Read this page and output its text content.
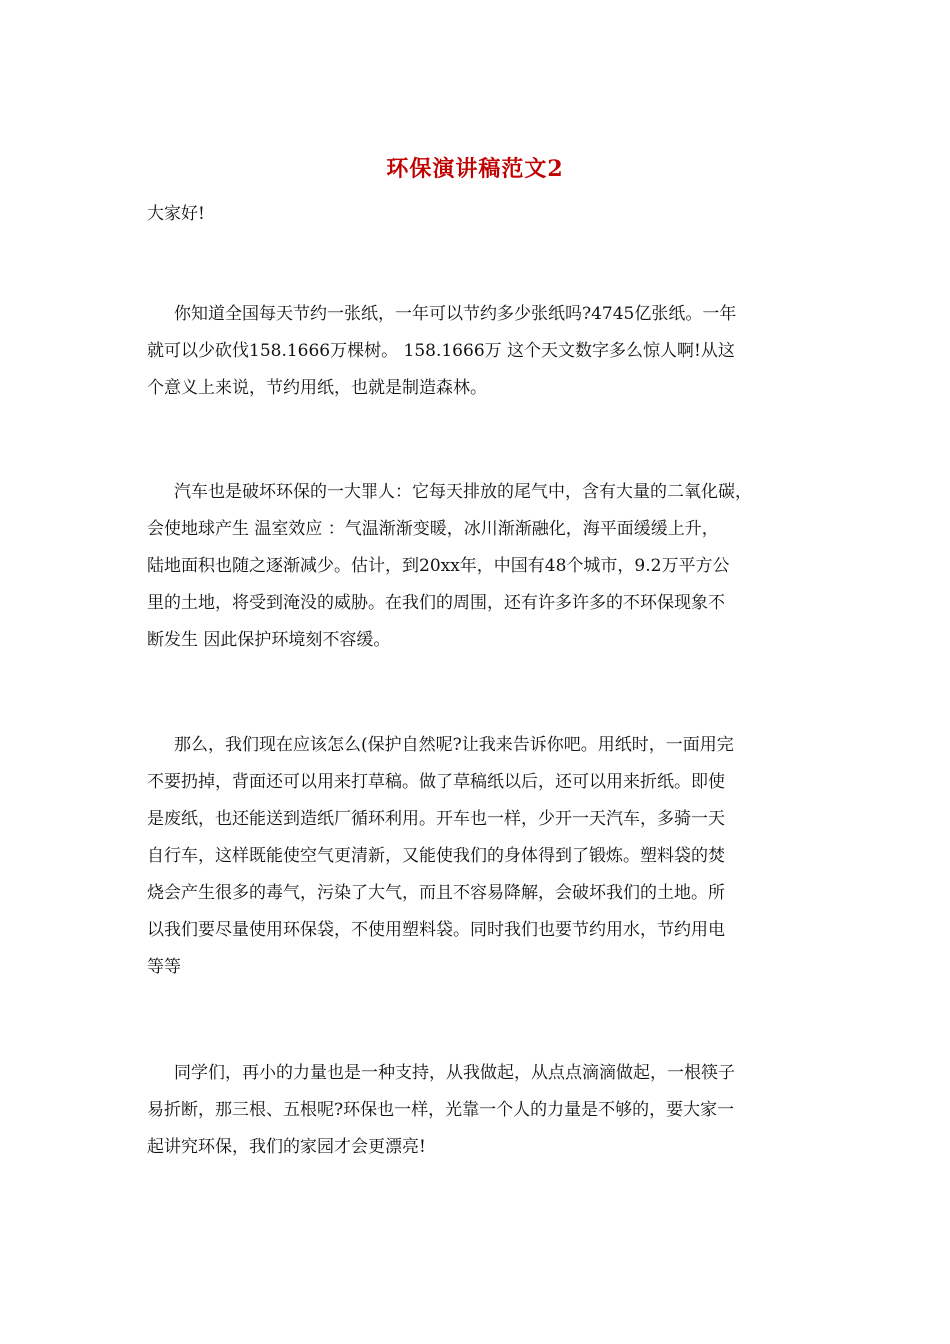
环保演讲稿范文2
大家好!
你知道全国每天节约一张纸，一年可以节约多少张纸吗?4745亿张纸。一年
就可以少砍伐158.1666万棵树。 158.1666万 这个天文数字多么惊人啊!从这
个意义上来说，节约用纸，也就是制造森林。
汽车也是破坏环保的一大罪人：它每天排放的尾气中，含有大量的二氧化碳，
会使地球产生 温室效应 ：气温渐渐变暖，冰川渐渐融化，海平面缓缓上升，
陆地面积也随之逐渐减少。估计，到20xx年，中国有48个城市，9.2万平方公
里的土地，将受到淹没的威胁。在我们的周围，还有许多许多的不环保现象不
断发生 因此保护环境刻不容缓。
那么，我们现在应该怎么(保护自然呢?让我来告诉你吧。用纸时，一面用完
不要扔掉，背面还可以用来打草稿。做了草稿纸以后，还可以用来折纸。即使
是废纸，也还能送到造纸厂循环利用。开车也一样，少开一天汽车，多骑一天
自行车，这样既能使空气更清新，又能使我们的身体得到了锻炼。塑料袋的焚
烧会产生很多的毒气，污染了大气，而且不容易降解，会破坏我们的土地。所
以我们要尽量使用环保袋，不使用塑料袋。同时我们也要节约用水，节约用电
等等
同学们，再小的力量也是一种支持，从我做起，从点点滴滴做起，一根筷子
易折断，那三根、五根呢?环保也一样，光靠一个人的力量是不够的，要大家一
起讲究环保，我们的家园才会更漂亮!
